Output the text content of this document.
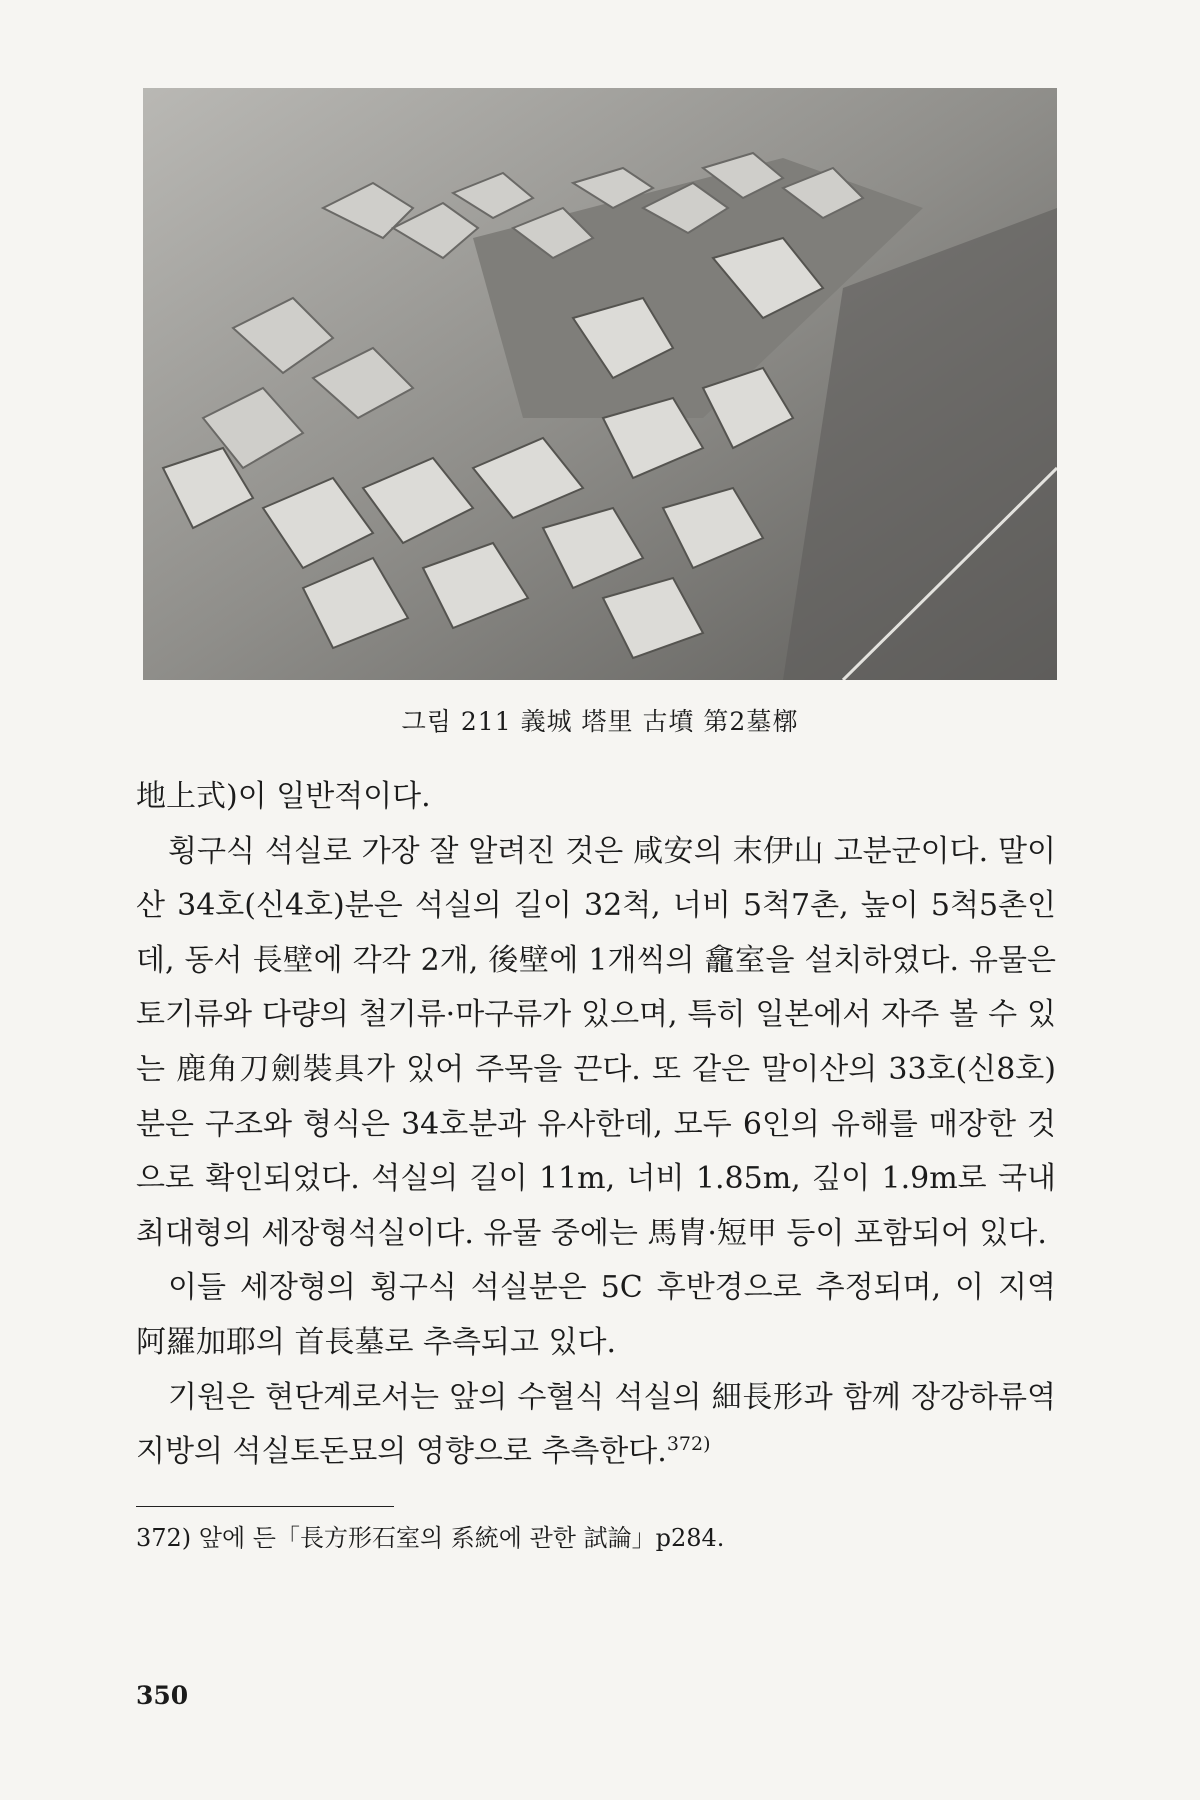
그림 211 義城 塔里 古墳 第2墓槨

地上式)이 일반적이다.

횡구식 석실로 가장 잘 알려진 것은 咸安의 末伊山 고분군이다. 말이산 34호(신4호)분은 석실의 길이 32척, 너비 5척7촌, 높이 5척5촌인데, 동서 長壁에 각각 2개, 後壁에 1개씩의 龕室을 설치하였다. 유물은 토기류와 다량의 철기류·마구류가 있으며, 특히 일본에서 자주 볼 수 있는 鹿角刀劍裝具가 있어 주목을 끈다. 또 같은 말이산의 33호(신8호)분은 구조와 형식은 34호분과 유사한데, 모두 6인의 유해를 매장한 것으로 확인되었다. 석실의 길이 11m, 너비 1.85m, 깊이 1.9m로 국내 최대형의 세장형석실이다. 유물 중에는 馬胄·短甲 등이 포함되어 있다.

이들 세장형의 횡구식 석실분은 5C 후반경으로 추정되며, 이 지역 阿羅加耶의 首長墓로 추측되고 있다.

기원은 현단계로서는 앞의 수혈식 석실의 細長形과 함께 장강하류역지방의 석실토돈묘의 영향으로 추측한다.$^{372)}$

372) 앞에 든「長方形石室의 系統에 관한 試論」p284.
350
